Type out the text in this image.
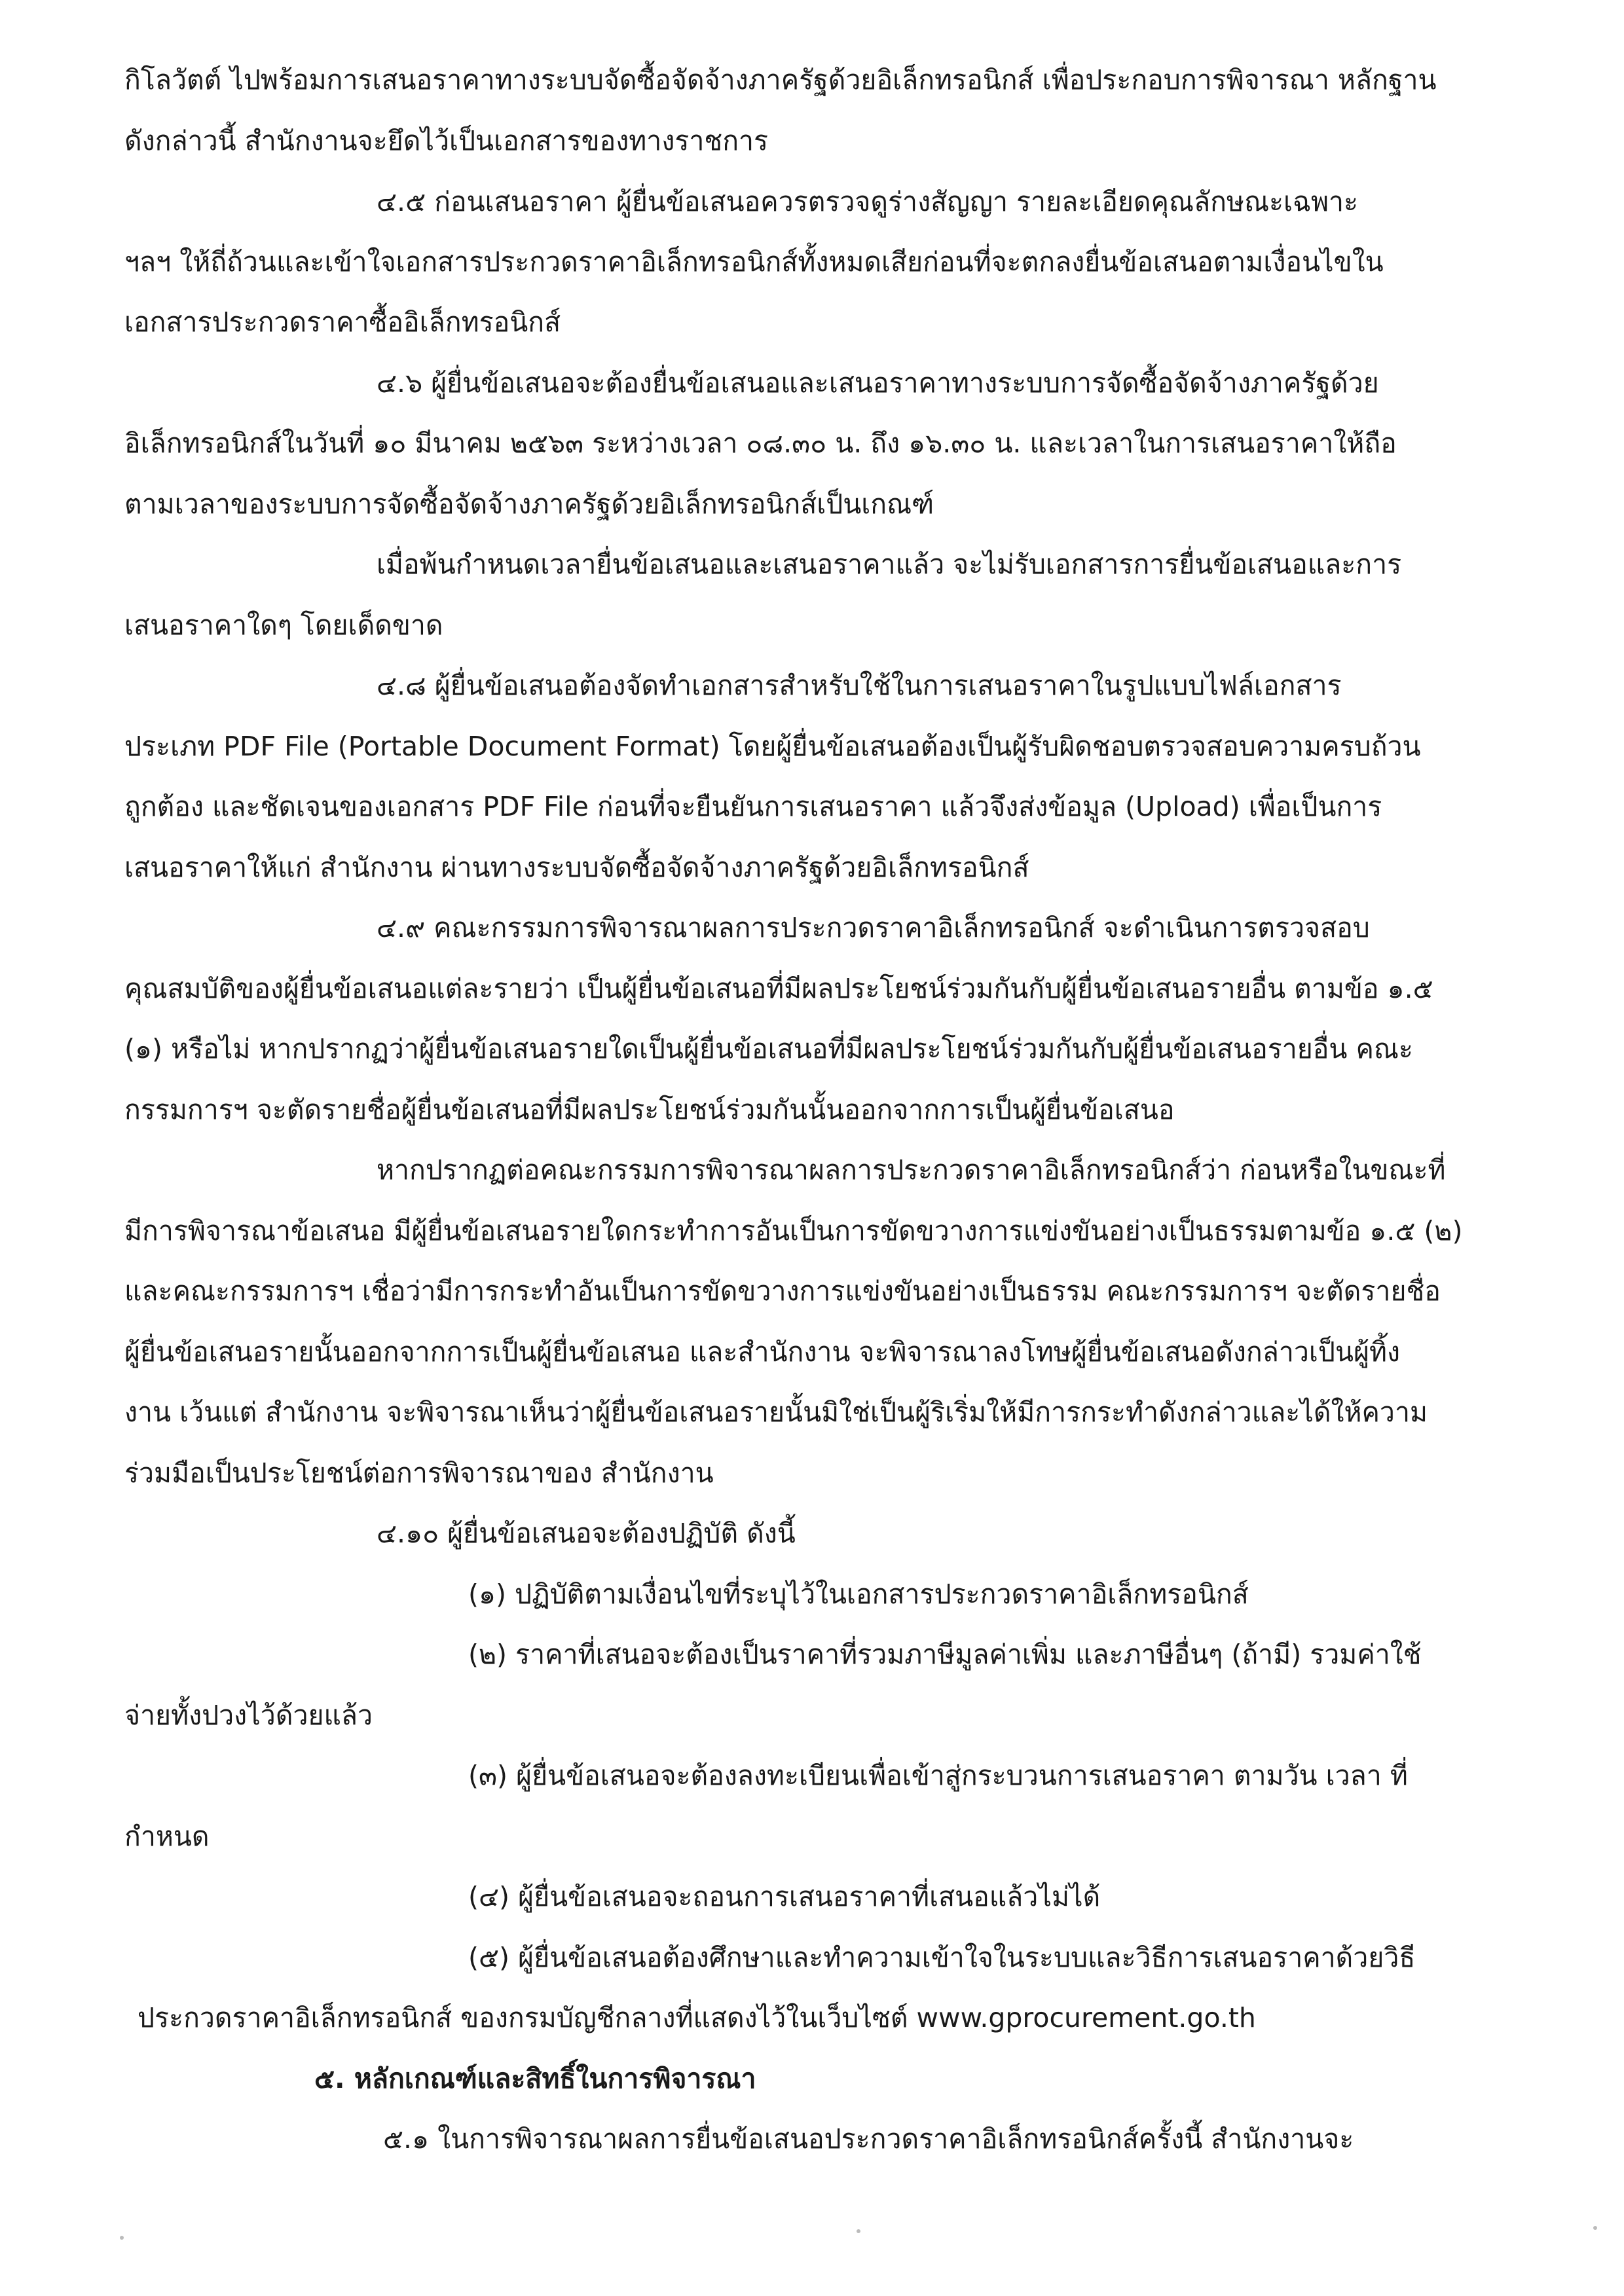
กิโลวัตต์ ไปพร้อมการเสนอราคาทางระบบจัดซื้อจัดจ้างภาครัฐด้วยอิเล็กทรอนิกส์ เพื่อประกอบการพิจารณา หลักฐาน
ดังกล่าวนี้ สำนักงานจะยึดไว้เป็นเอกสารของทางราชการ
๔.๕ ก่อนเสนอราคา ผู้ยื่นข้อเสนอควรตรวจดูร่างสัญญา รายละเอียดคุณลักษณะเฉพาะ
ฯลฯ ให้ถี่ถ้วนและเข้าใจเอกสารประกวดราคาอิเล็กทรอนิกส์ทั้งหมดเสียก่อนที่จะตกลงยื่นข้อเสนอตามเงื่อนไขใน
เอกสารประกวดราคาซื้ออิเล็กทรอนิกส์
๔.๖ ผู้ยื่นข้อเสนอจะต้องยื่นข้อเสนอและเสนอราคาทางระบบการจัดซื้อจัดจ้างภาครัฐด้วย
อิเล็กทรอนิกส์ในวันที่ ๑๐ มีนาคม ๒๕๖๓ ระหว่างเวลา ๐๘.๓๐ น. ถึง ๑๖.๓๐ น. และเวลาในการเสนอราคาให้ถือ
ตามเวลาของระบบการจัดซื้อจัดจ้างภาครัฐด้วยอิเล็กทรอนิกส์เป็นเกณฑ์
เมื่อพ้นกำหนดเวลายื่นข้อเสนอและเสนอราคาแล้ว จะไม่รับเอกสารการยื่นข้อเสนอและการ
เสนอราคาใดๆ โดยเด็ดขาด
๔.๘ ผู้ยื่นข้อเสนอต้องจัดทำเอกสารสำหรับใช้ในการเสนอราคาในรูปแบบไฟล์เอกสาร
ประเภท PDF File (Portable Document Format) โดยผู้ยื่นข้อเสนอต้องเป็นผู้รับผิดชอบตรวจสอบความครบถ้วน
ถูกต้อง และชัดเจนของเอกสาร PDF File ก่อนที่จะยืนยันการเสนอราคา แล้วจึงส่งข้อมูล (Upload) เพื่อเป็นการ
เสนอราคาให้แก่ สำนักงาน ผ่านทางระบบจัดซื้อจัดจ้างภาครัฐด้วยอิเล็กทรอนิกส์
๔.๙ คณะกรรมการพิจารณาผลการประกวดราคาอิเล็กทรอนิกส์ จะดำเนินการตรวจสอบ
คุณสมบัติของผู้ยื่นข้อเสนอแต่ละรายว่า เป็นผู้ยื่นข้อเสนอที่มีผลประโยชน์ร่วมกันกับผู้ยื่นข้อเสนอรายอื่น ตามข้อ ๑.๕
(๑) หรือไม่ หากปรากฏว่าผู้ยื่นข้อเสนอรายใดเป็นผู้ยื่นข้อเสนอที่มีผลประโยชน์ร่วมกันกับผู้ยื่นข้อเสนอรายอื่น คณะ
กรรมการฯ จะตัดรายชื่อผู้ยื่นข้อเสนอที่มีผลประโยชน์ร่วมกันนั้นออกจากการเป็นผู้ยื่นข้อเสนอ
หากปรากฏต่อคณะกรรมการพิจารณาผลการประกวดราคาอิเล็กทรอนิกส์ว่า ก่อนหรือในขณะที่
มีการพิจารณาข้อเสนอ มีผู้ยื่นข้อเสนอรายใดกระทำการอันเป็นการขัดขวางการแข่งขันอย่างเป็นธรรมตามข้อ ๑.๕ (๒)
และคณะกรรมการฯ เชื่อว่ามีการกระทำอันเป็นการขัดขวางการแข่งขันอย่างเป็นธรรม คณะกรรมการฯ จะตัดรายชื่อ
ผู้ยื่นข้อเสนอรายนั้นออกจากการเป็นผู้ยื่นข้อเสนอ และสำนักงาน จะพิจารณาลงโทษผู้ยื่นข้อเสนอดังกล่าวเป็นผู้ทิ้ง
งาน เว้นแต่ สำนักงาน จะพิจารณาเห็นว่าผู้ยื่นข้อเสนอรายนั้นมิใช่เป็นผู้ริเริ่มให้มีการกระทำดังกล่าวและได้ให้ความ
ร่วมมือเป็นประโยชน์ต่อการพิจารณาของ สำนักงาน
๔.๑๐ ผู้ยื่นข้อเสนอจะต้องปฏิบัติ ดังนี้
(๑) ปฏิบัติตามเงื่อนไขที่ระบุไว้ในเอกสารประกวดราคาอิเล็กทรอนิกส์
(๒) ราคาที่เสนอจะต้องเป็นราคาที่รวมภาษีมูลค่าเพิ่ม และภาษีอื่นๆ (ถ้ามี) รวมค่าใช้
จ่ายทั้งปวงไว้ด้วยแล้ว
(๓) ผู้ยื่นข้อเสนอจะต้องลงทะเบียนเพื่อเข้าสู่กระบวนการเสนอราคา ตามวัน เวลา ที่
กำหนด
(๔) ผู้ยื่นข้อเสนอจะถอนการเสนอราคาที่เสนอแล้วไม่ได้
(๕) ผู้ยื่นข้อเสนอต้องศึกษาและทำความเข้าใจในระบบและวิธีการเสนอราคาด้วยวิธี
ประกวดราคาอิเล็กทรอนิกส์ ของกรมบัญชีกลางที่แสดงไว้ในเว็บไซต์ www.gprocurement.go.th
๕. หลักเกณฑ์และสิทธิ์ในการพิจารณา
๕.๑ ในการพิจารณาผลการยื่นข้อเสนอประกวดราคาอิเล็กทรอนิกส์ครั้งนี้ สำนักงานจะ
